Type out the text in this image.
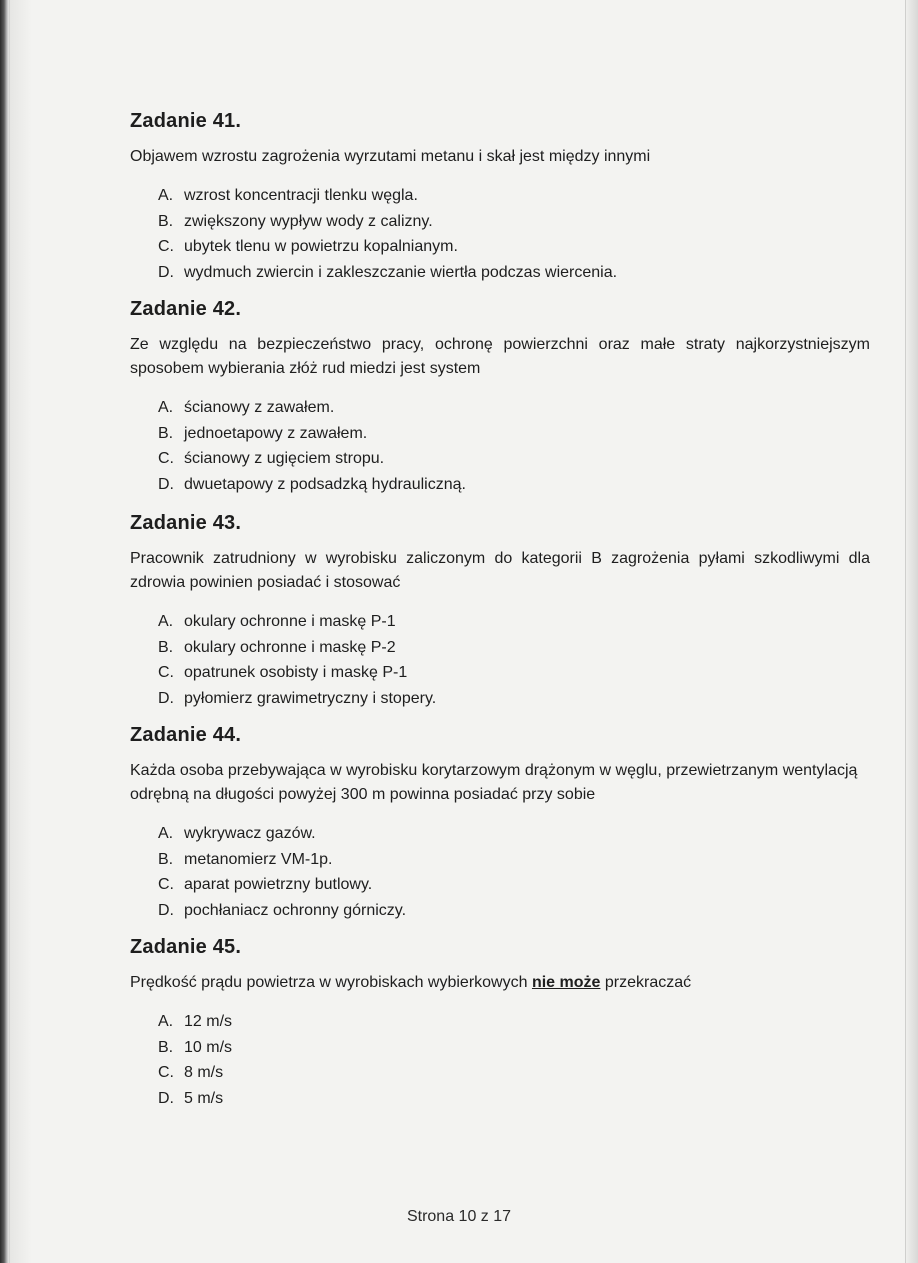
Zadanie 41.

Objawem wzrostu zagrożenia wyrzutami metanu i skał jest między innymi

A. wzrost koncentracji tlenku węgla.
B. zwiększony wypływ wody z calizny.
C. ubytek tlenu w powietrzu kopalnianym.
D. wydmuch zwiercin i zakleszczanie wiertła podczas wiercenia.
Zadanie 42.

Ze względu na bezpieczeństwo pracy, ochronę powierzchni oraz małe straty najkorzystniejszym sposobem wybierania złóż rud miedzi jest system

A. ścianowy z zawałem.
B. jednoetapowy z zawałem.
C. ścianowy z ugięciem stropu.
D. dwuetapowy z podsadzką hydrauliczną.
Zadanie 43.

Pracownik zatrudniony w wyrobisku zaliczonym do kategorii B zagrożenia pyłami szkodliwymi dla zdrowia powinien posiadać i stosować

A. okulary ochronne i maskę P-1
B. okulary ochronne i maskę P-2
C. opatrunek osobisty i maskę P-1
D. pyłomierz grawimetryczny i stopery.
Zadanie 44.

Każda osoba przebywająca w wyrobisku korytarzowym drążonym w węglu, przewietrzanym wentylacją odrębną na długości powyżej 300 m powinna posiadać przy sobie

A. wykrywacz gazów.
B. metanomierz VM-1p.
C. aparat powietrzny butlowy.
D. pochłaniacz ochronny górniczy.
Zadanie 45.

Prędkość prądu powietrza w wyrobiskach wybierkowych nie może przekraczać

A. 12 m/s
B. 10 m/s
C. 8 m/s
D. 5 m/s
Strona 10 z 17
